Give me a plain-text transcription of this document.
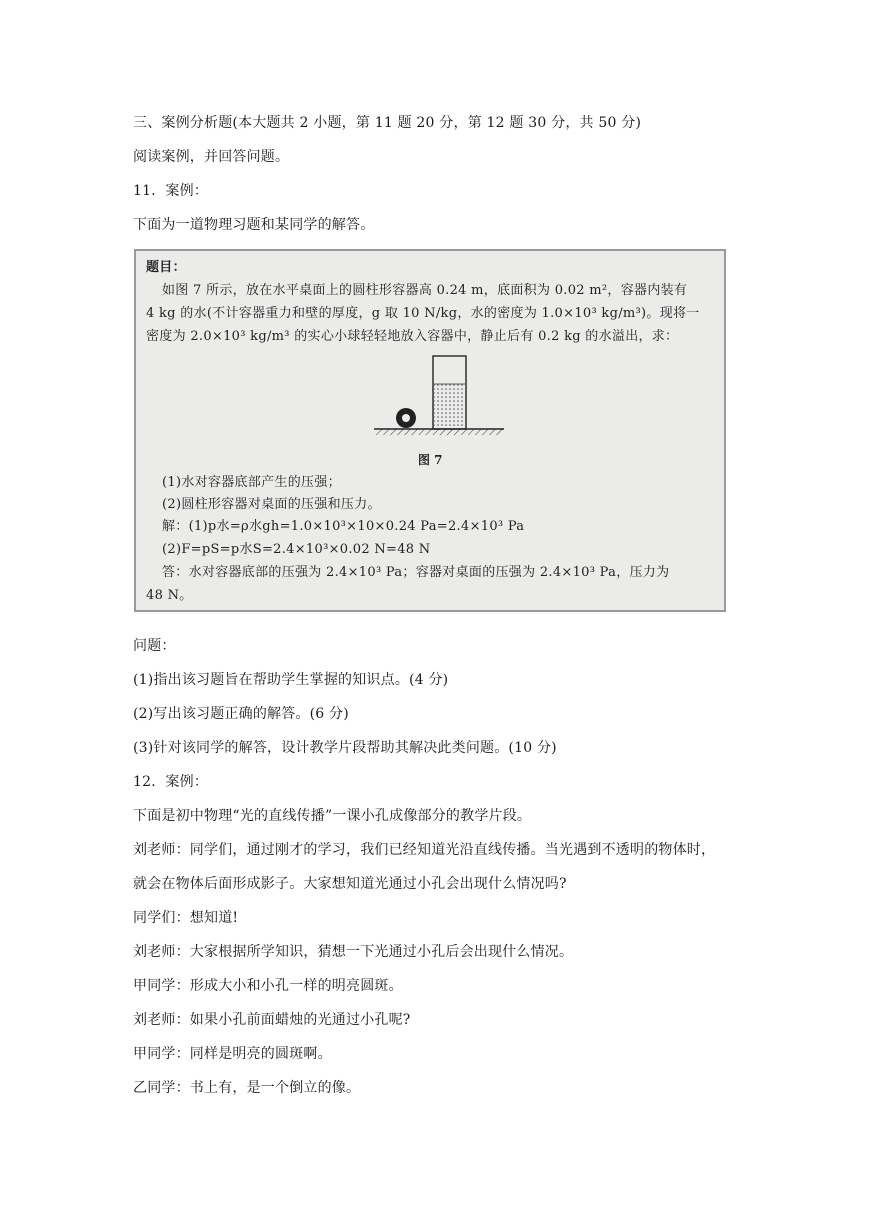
三、案例分析题(本大题共 2 小题，第 11 题 20 分，第 12 题 30 分，共 50 分)
阅读案例，并回答问题。
11．案例：
下面为一道物理习题和某同学的解答。
题目：
如图 7 所示，放在水平桌面上的圆柱形容器高 0.24 m，底面积为 0.02 m²，容器内装有
4 kg 的水(不计容器重力和壁的厚度，g 取 10 N/kg，水的密度为 1.0×10³ kg/m³)。现将一
密度为 2.0×10³ kg/m³ 的实心小球轻轻地放入容器中，静止后有 0.2 kg 的水溢出，求：
图 7
(1)水对容器底部产生的压强；
(2)圆柱形容器对桌面的压强和压力。
解：(1)p水=ρ水gh=1.0×10³×10×0.24 Pa=2.4×10³ Pa
(2)F=pS=p水S=2.4×10³×0.02 N=48 N
答：水对容器底部的压强为 2.4×10³ Pa；容器对桌面的压强为 2.4×10³ Pa，压力为
48 N。
问题：
(1)指出该习题旨在帮助学生掌握的知识点。(4 分)
(2)写出该习题正确的解答。(6 分)
(3)针对该同学的解答，设计教学片段帮助其解决此类问题。(10 分)
12．案例：
下面是初中物理“光的直线传播”一课小孔成像部分的教学片段。
刘老师：同学们，通过刚才的学习，我们已经知道光沿直线传播。当光遇到不透明的物体时，
就会在物体后面形成影子。大家想知道光通过小孔会出现什么情况吗?
同学们：想知道!
刘老师：大家根据所学知识，猜想一下光通过小孔后会出现什么情况。
甲同学：形成大小和小孔一样的明亮圆斑。
刘老师：如果小孔前面蜡烛的光通过小孔呢?
甲同学：同样是明亮的圆斑啊。
乙同学：书上有，是一个倒立的像。
